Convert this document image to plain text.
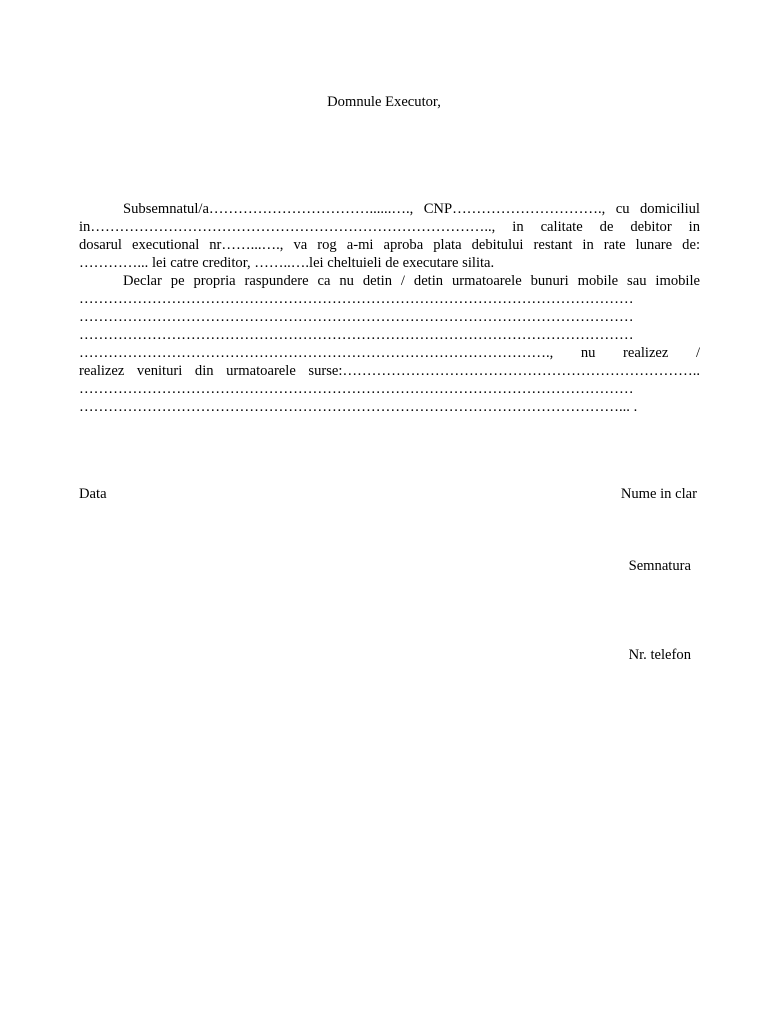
Domnule Executor,
Subsemnatul/a……………………………......…., CNP…………………………., cu domiciliul
in……………………………………………………………………….., in calitate de debitor in
dosarul executional nr……...…., va rog a-mi aproba plata debitului restant in rate lunare de:
…………... lei catre creditor, ……..….lei cheltuieli de executare silita.
Declar pe propria raspundere ca nu detin / detin urmatoarele bunuri mobile sau imobile
……………………………………………………………………………………………………
……………………………………………………………………………………………………
……………………………………………………………………………………………………
……………………………………………………………………………………., nu realizez /
realizez venituri din urmatoarele surse:………………………………………………………………..
……………………………………………………………………………………………………
…………………………………………………………………………………………………... .
Data	Nume in clar
Semnatura
Nr. telefon
